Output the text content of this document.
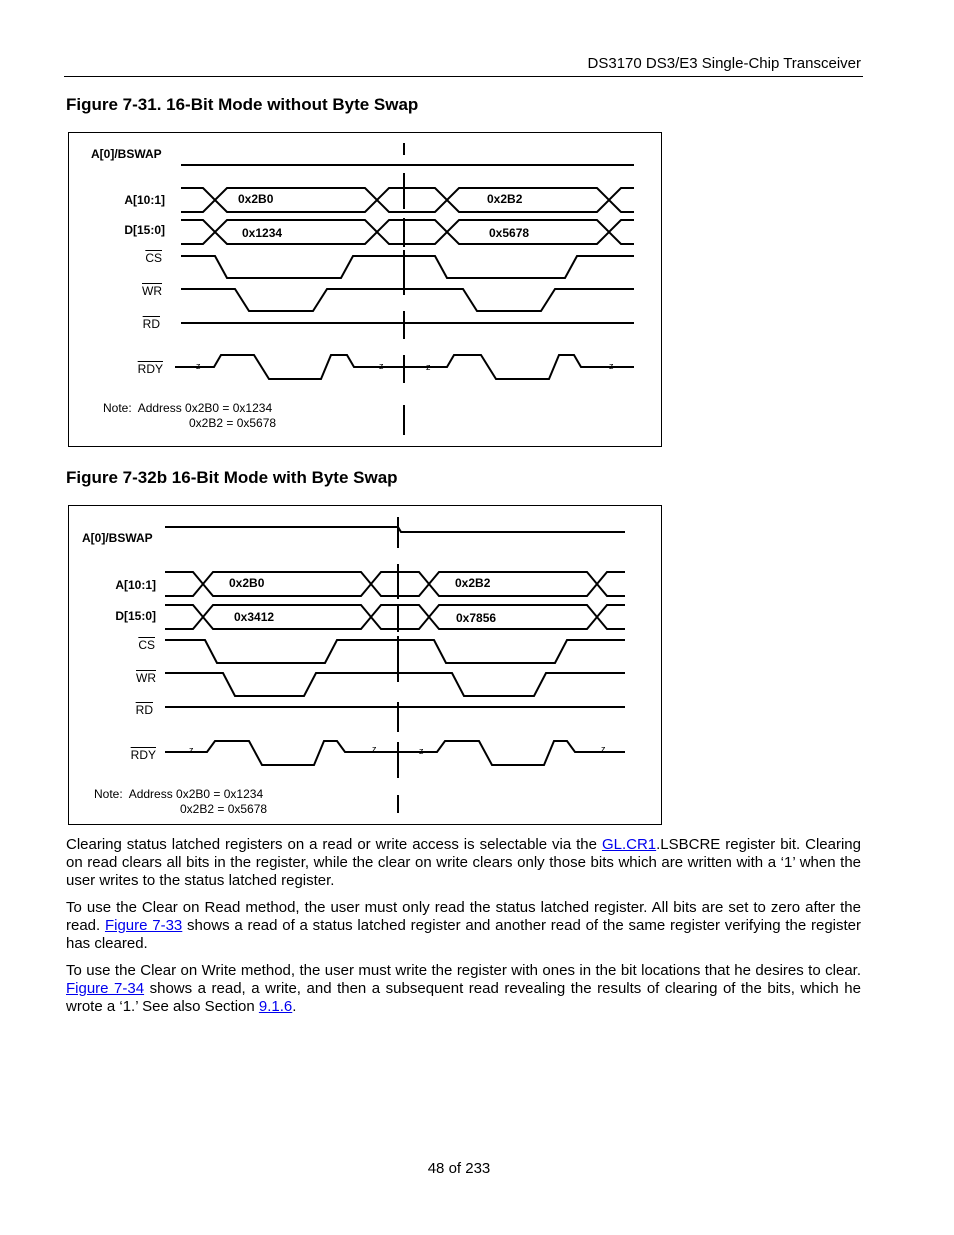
DS3170 DS3/E3 Single-Chip Transceiver
Figure 7-31. 16-Bit Mode without Byte Swap
A[0]/BSWAP
A[10:1]
D[15:0]
$\overline{CS}$
$\overline{WR}$
$\overline{RD}$
$\overline{RDY}$
0x2B0	0x2B2
0x1234	0x5678
z	z	z	z
Note:  Address 0x2B0 = 0x1234
0x2B2 = 0x5678
Figure 7-32b 16-Bit Mode with Byte Swap
A[0]/BSWAP
A[10:1]
D[15:0]
$\overline{CS}$
$\overline{WR}$
$\overline{RD}$
$\overline{RDY}$
0x2B0	0x2B2
0x3412	0x7856
z	z	z	z
Note:  Address 0x2B0 = 0x1234
0x2B2 = 0x5678
Clearing status latched registers on a read or write access is selectable via the GL.CR1.LSBCRE register bit. Clearing on read clears all bits in the register, while the clear on write clears only those bits which are written with a ‘1’ when the user writes to the status latched register.
To use the Clear on Read method, the user must only read the status latched register. All bits are set to zero after the read. Figure 7-33 shows a read of a status latched register and another read of the same register verifying the register has cleared.
To use the Clear on Write method, the user must write the register with ones in the bit locations that he desires to clear. Figure 7-34 shows a read, a write, and then a subsequent read revealing the results of clearing of the bits, which he wrote a ‘1.’ See also Section 9.1.6.
48 of 233
